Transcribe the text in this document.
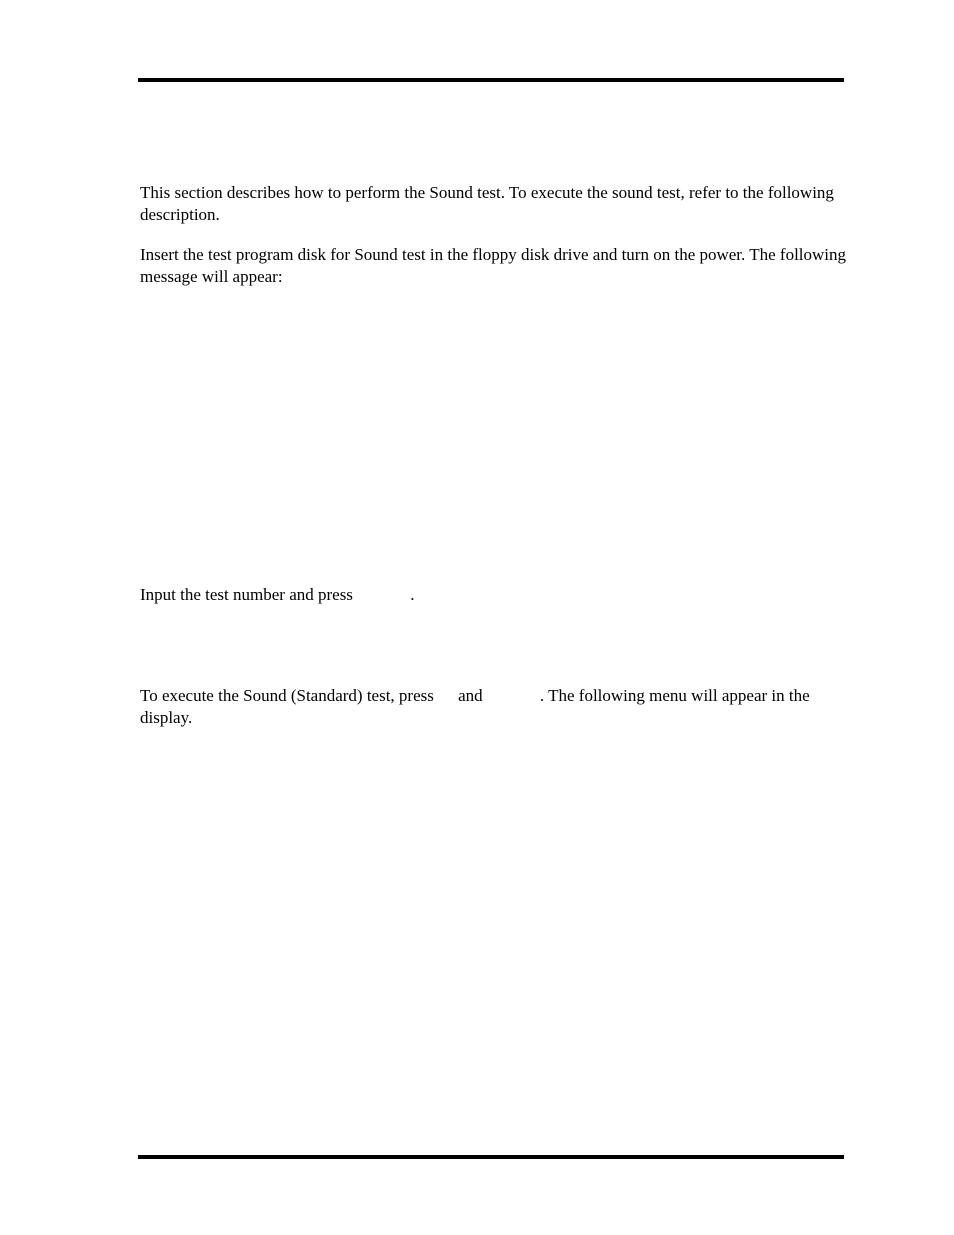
This section describes how to perform the Sound test. To execute the sound test, refer to the following description.

Insert the test program disk for Sound test in the floppy disk drive and turn on the power. The following message will appear:

Input the test number and press	.

To execute the Sound (Standard) test, press and	. The following menu will appear in the display.
